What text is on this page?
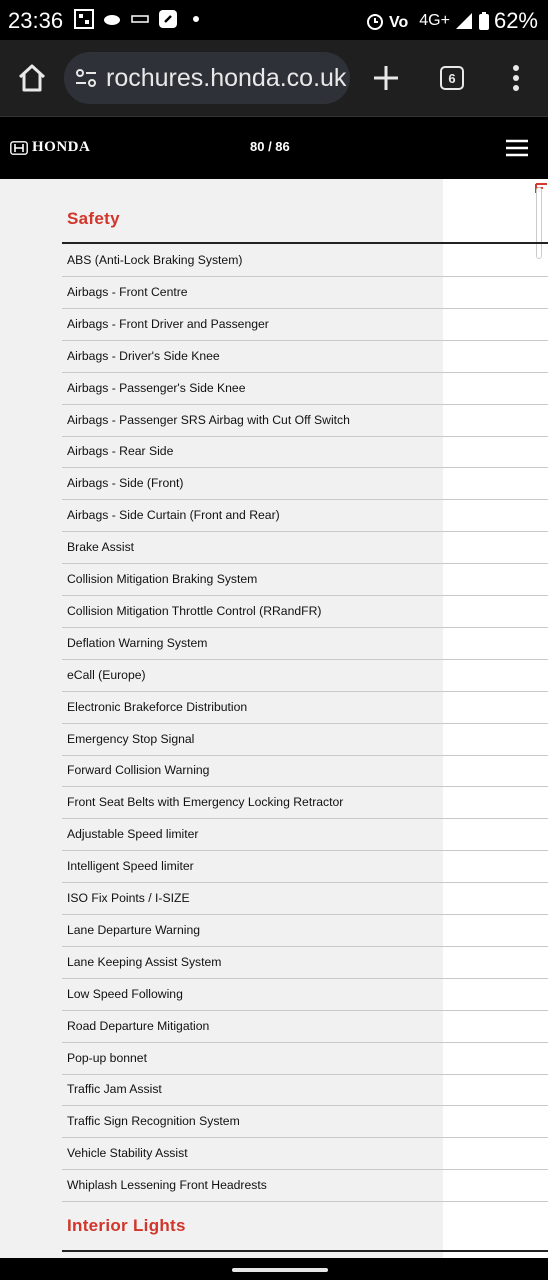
23:36	Vo 4G+ 62%
rochures.honda.co.uk	6
HONDA	80 / 86
Safety
ABS (Anti-Lock Braking System)
Airbags - Front Centre
Airbags - Front Driver and Passenger
Airbags - Driver's Side Knee
Airbags - Passenger's Side Knee
Airbags - Passenger SRS Airbag with Cut Off Switch
Airbags - Rear Side
Airbags - Side (Front)
Airbags - Side Curtain (Front and Rear)
Brake Assist
Collision Mitigation Braking System
Collision Mitigation Throttle Control (RRandFR)
Deflation Warning System
eCall (Europe)
Electronic Brakeforce Distribution
Emergency Stop Signal
Forward Collision Warning
Front Seat Belts with Emergency Locking Retractor
Adjustable Speed limiter
Intelligent Speed limiter
ISO Fix Points / I-SIZE
Lane Departure Warning
Lane Keeping Assist System
Low Speed Following
Road Departure Mitigation
Pop-up bonnet
Traffic Jam Assist
Traffic Sign Recognition System
Vehicle Stability Assist
Whiplash Lessening Front Headrests
Interior Lights
